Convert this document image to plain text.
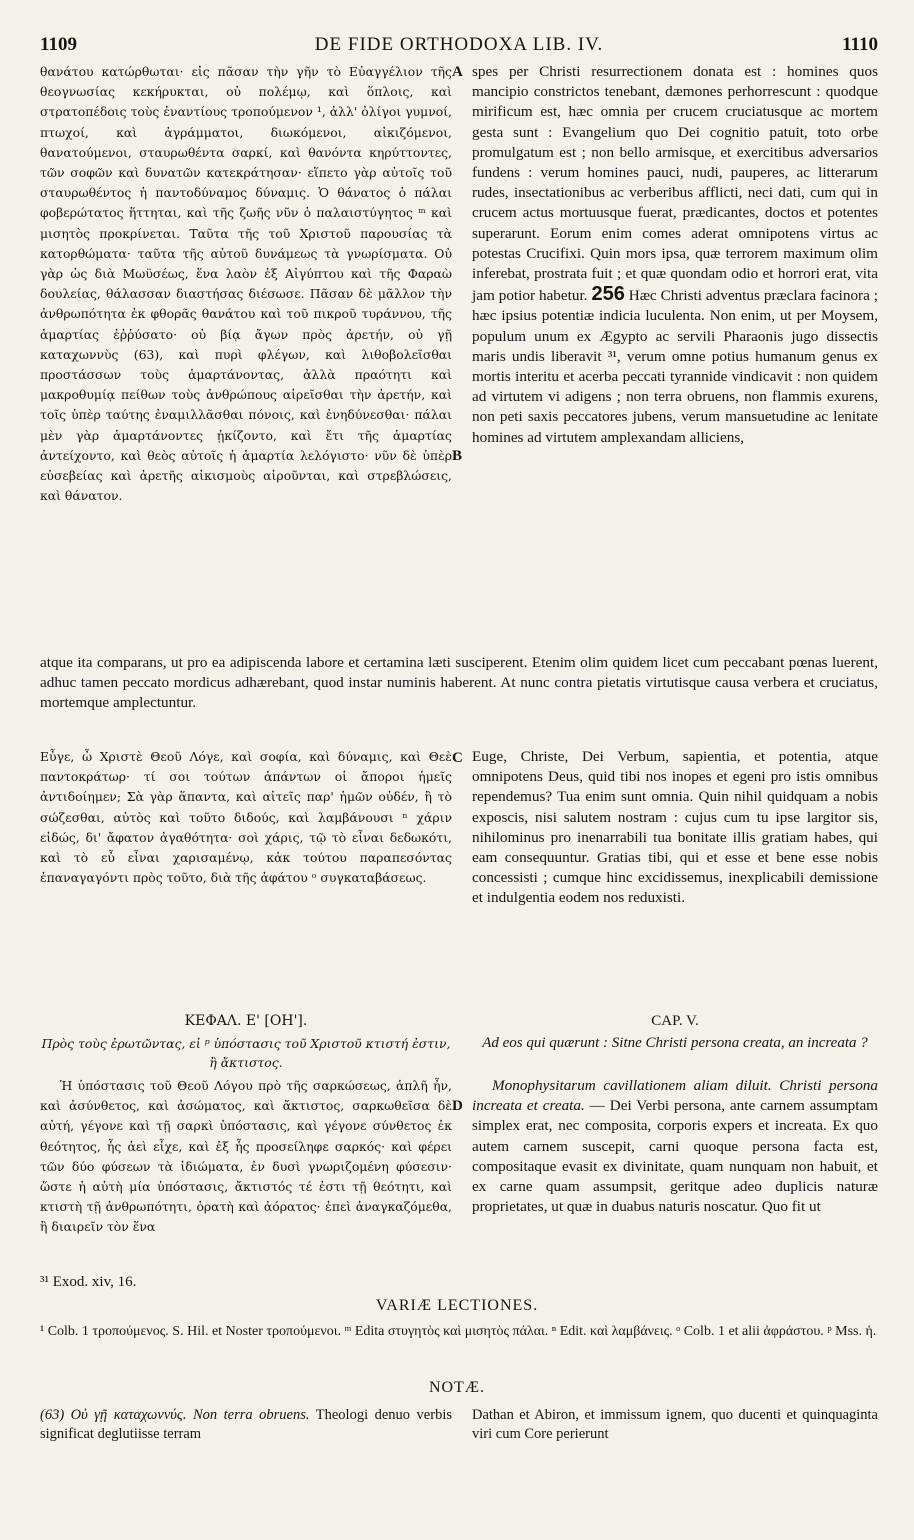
1109	DE FIDE ORTHODOXA LIB. IV.	1110

θανάτου κατώρθωται· εἰς πᾶσαν τὴν γῆν τὸ Εὐαγγέλιον τῆς θεογνωσίας κεκήρυκται, οὐ πολέμῳ, καὶ ὅπλοις, καὶ στρατοπέδοις τοὺς ἐναντίους τροπούμενον ¹, ἀλλ' ὀλίγοι γυμνοί, πτωχοί, καὶ ἀγράμματοι, διωκόμενοι, αἰκιζόμενοι, θανατούμενοι, σταυρωθέντα σαρκί, καὶ θανόντα κηρύττοντες, τῶν σοφῶν καὶ δυνατῶν κατεκράτησαν· εἵπετο γὰρ αὐτοῖς τοῦ σταυρωθέντος ἡ παντοδύναμος δύναμις. Ὁ θάνατος ὁ πάλαι φοβερώτατος ἥττηται, καὶ τῆς ζωῆς νῦν ὁ παλαιστύγητος ᵐ καὶ μισητὸς προκρίνεται. Ταῦτα τῆς τοῦ Χριστοῦ παρουσίας τὰ κατορθώματα· ταῦτα τῆς αὐτοῦ δυνάμεως τὰ γνωρίσματα. Οὐ γὰρ ὡς διὰ Μωϋσέως, ἕνα λαὸν ἐξ Αἰγύπτου καὶ τῆς Φαραὼ δουλείας, θάλασσαν διαστήσας διέσωσε. Πᾶσαν δὲ μᾶλλον τὴν ἀνθρωπότητα ἐκ φθορᾶς θανάτου καὶ τοῦ πικροῦ τυράννου, τῆς ἁμαρτίας ἐῤῥύσατο· οὐ βίᾳ ἄγων πρὸς ἀρετήν, οὐ γῇ καταχωννὺς (63), καὶ πυρὶ φλέγων, καὶ λιθοβολεῖσθαι προστάσσων τοὺς ἁμαρτάνοντας, ἀλλὰ πραότητι καὶ μακροθυμίᾳ πείθων τοὺς ἀνθρώπους αἱρεῖσθαι τὴν ἀρετήν, καὶ τοῖς ὑπὲρ ταύτης ἐναμιλλᾶσθαι πόνοις, καὶ ἐνηδύνεσθαι· πάλαι μὲν γὰρ ἁμαρτάνοντες ᾐκίζοντο, καὶ ἔτι τῆς ἁμαρτίας ἀντείχοντο, καὶ θεὸς αὐτοῖς ἡ ἁμαρτία λελόγιστο· νῦν δὲ ὑπὲρ εὐσεβείας καὶ ἀρετῆς αἰκισμοὺς αἱροῦνται, καὶ στρεβλώσεις, καὶ θάνατον.

A
B

spes per Christi resurrectionem donata est : homines quos mancipio constrictos tenebant, dæmones perhorrescunt : quodque mirificum est, hæc omnia per crucem cruciatusque ac mortem gesta sunt : Evangelium quo Dei cognitio patuit, toto orbe promulgatum est ; non bello armisque, et exercitibus adversarios fundens : verum homines pauci, nudi, pauperes, ac litterarum rudes, insectationibus ac verberibus afflicti, neci dati, cum qui in crucem actus mortuusque fuerat, prædicantes, doctos et potentes superarunt. Eorum enim comes aderat omnipotens virtus ac potestas Crucifixi. Quin mors ipsa, quæ terrorem maximum olim inferebat, prostrata fuit ; et quæ quondam odio et horrori erat, vita jam potior habetur. 256 Hæc Christi adventus præclara facinora ; hæc ipsius potentiæ indicia luculenta. Non enim, ut per Moysem, populum unum ex Ægypto ac servili Pharaonis jugo dissectis maris undis liberavit ³¹, verum omne potius humanum genus ex mortis interitu et acerba peccati tyrannide vindicavit : non quidem ad virtutem vi adigens ; non terra obruens, non flammis exurens, non peti saxis peccatores jubens, verum mansuetudine ac lenitate homines ad virtutem amplexandam alliciens,

atque ita comparans, ut pro ea adipiscenda labore et certamina læti susciperent. Etenim olim quidem licet cum peccabant pœnas luerent, adhuc tamen peccato mordicus adhærebant, quod instar numinis haberent. At nunc contra pietatis virtutisque causa verbera et cruciatus, mortemque amplectuntur.

Εὖγε, ὦ Χριστὲ Θεοῦ Λόγε, καὶ σοφία, καὶ δύναμις, καὶ Θεὲ παντοκράτωρ· τί σοι τούτων ἁπάντων οἱ ἄποροι ἡμεῖς ἀντιδοίημεν; Σὰ γὰρ ἅπαντα, καὶ αἰτεῖς παρ' ἡμῶν οὐδέν, ἢ τὸ σώζεσθαι, αὐτὸς καὶ τοῦτο διδούς, καὶ λαμβάνουσι ⁿ χάριν εἰδώς, δι' ἄφατον ἀγαθότητα· σοὶ χάρις, τῷ τὸ εἶναι δεδωκότι, καὶ τὸ εὖ εἶναι χαρισαμένῳ, κἀκ τούτου παραπεσόντας ἐπαναγαγόντι πρὸς τοῦτο, διὰ τῆς ἀφάτου ᵒ συγκαταβάσεως.

C Euge, Christe, Dei Verbum, sapientia, et potentia, atque omnipotens Deus, quid tibi nos inopes et egeni pro istis omnibus rependemus? Tua enim sunt omnia. Quin nihil quidquam a nobis exposcis, nisi salutem nostram : cujus cum tu ipse largitor sis, nihilominus pro inenarrabili tua bonitate illis gratiam habes, qui eam consequuntur. Gratias tibi, qui et esse et bene esse nobis concessisti ; cumque hinc excidissemus, inexplicabili demissione et indulgentia eodem nos reduxisti.

ΚΕΦΑΛ. Ε' [ΟΗ'].	CAP. V.
Πρὸς τοὺς ἐρωτῶντας, εἰ ᵖ ὑπόστασις τοῦ Χριστοῦ κτιστή ἐστιν, ἢ ἄκτιστος.
Ad eos qui quærunt : Sitne Christi persona creata, an increata ?

Ἡ ὑπόστασις τοῦ Θεοῦ Λόγου πρὸ τῆς σαρκώσεως, ἁπλῆ ἦν, καὶ ἀσύνθετος, καὶ ἀσώματος, καὶ ἄκτιστος, σαρκωθεῖσα δὲ αὐτή, γέγονε καὶ τῇ σαρκὶ ὑπόστασις, καὶ γέγονε σύνθετος ἐκ θεότητος, ἧς ἀεὶ εἶχε, καὶ ἐξ ἧς προσείληφε σαρκός· καὶ φέρει τῶν δύο φύσεων τὰ ἰδιώματα, ἐν δυσὶ γνωριζομένη φύσεσιν· ὥστε ἡ αὐτὴ μία ὑπόστασις, ἄκτιστός τέ ἐστι τῇ θεότητι, καὶ κτιστὴ τῇ ἀνθρωπότητι, ὁρατὴ καὶ ἀόρατος· ἐπεὶ ἀναγκαζόμεθα, ἢ διαιρεῖν τὸν ἕνα

D

Monophysitarum cavillationem aliam diluit. Christi persona increata et creata. — Dei Verbi persona, ante carnem assumptam simplex erat, nec composita, corporis expers et increata. Ex quo autem carnem suscepit, carni quoque persona facta est, compositaque evasit ex divinitate, quam nunquam non habuit, et ex carne quam assumpsit, geritque adeo duplicis naturæ proprietates, ut quæ in duabus naturis noscatur. Quo fit ut

³¹ Exod. xiv, 16.
VARIÆ LECTIONES.
¹ Colb. 1 τροπούμενος. S. Hil. et Noster τροπούμενοι. ᵐ Edita στυγητὸς καὶ μισητὸς πάλαι. ⁿ Edit. καὶ λαμβάνεις. ᵒ Colb. 1 et alii ἀφράστου. ᵖ Mss. ἡ.
NOTÆ.
(63) Οὐ γῇ καταχωννύς. Non terra obruens. Theologi denuo verbis significat deglutiisse terram
Dathan et Abiron, et immissum ignem, quo ducenti et quinquaginta viri cum Core perierunt
